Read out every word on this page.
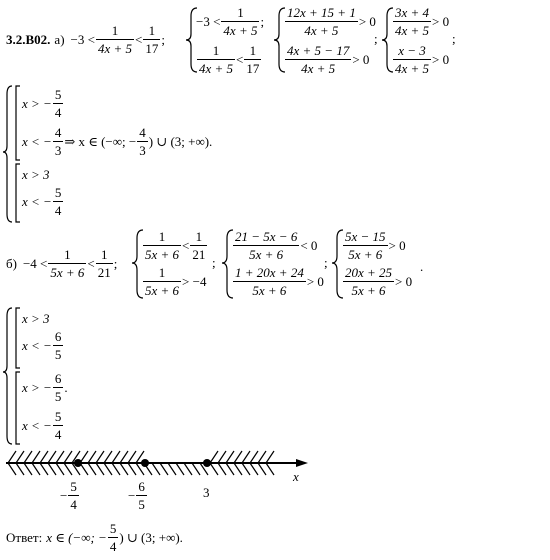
3.2.В02. $а) -3 < \frac{1}{4x + 5} < \frac{1}{17}$ ;
$-3 < \frac{1}{4x + 5}$ ;
$\frac{1}{4x + 5} < \frac{1}{17}$
$\frac{12x + 15 + 1}{4x + 5} > 0$
$\frac{4x + 5 - 17}{4x + 5} > 0$
;
$\frac{3x + 4}{4x + 5} > 0$
$\frac{x - 3}{4x + 5} > 0$
;
x > − $\frac{5}{4}$
x < − $\frac{4}{3}$ ⇒ x ∈ (−∞; − $\frac{4}{3}$ ) ∪ (3; +∞).
x > 3
x < − $\frac{5}{4}$
$б) -4 < \frac{1}{5x + 6} < \frac{1}{21}$ ;
$\frac{1}{5x + 6} < \frac{1}{21}$
$\frac{1}{5x + 6} > -4$
;
$\frac{21 - 5x - 6}{5x + 6} < 0$
$\frac{1 + 20x + 24}{5x + 6} > 0$
;
$\frac{5x - 15}{5x + 6} > 0$
$\frac{20x + 25}{5x + 6} > 0$
.
x > 3
x < − $\frac{6}{5}$
x > − $\frac{6}{5}$ .
x < − $\frac{5}{4}$
x
− $\frac{5}{4}$	− $\frac{6}{5}$	3
Ответ: x ∈ (−∞; − $\frac{5}{4}$ ) ∪ (3; +∞).
